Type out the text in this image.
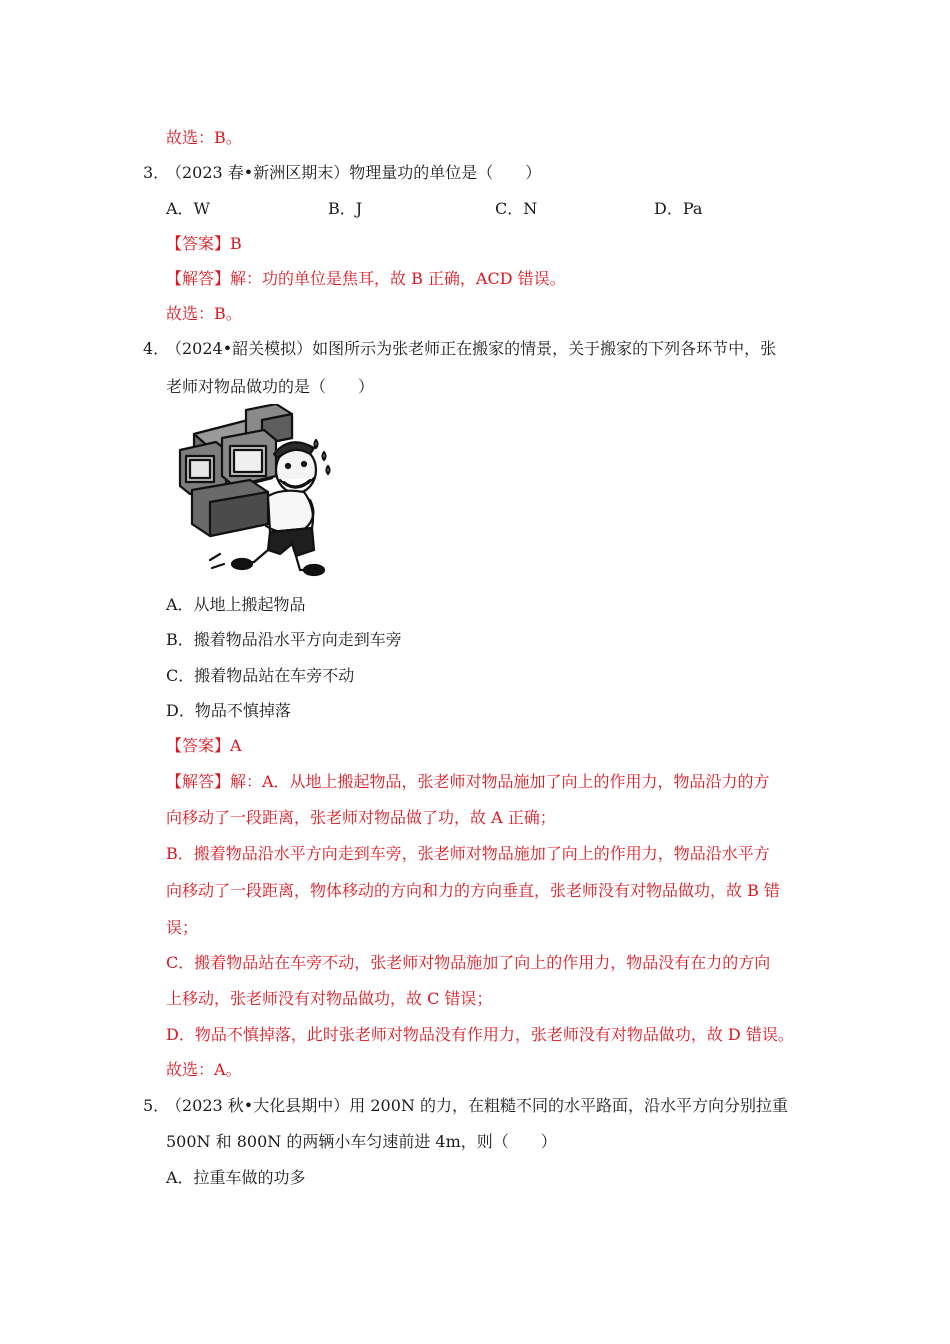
故选：B。
3．
（2023 春•新洲区期末）物理量功的单位是（　　）
A．W	B．J	C．N	D．Pa
【答案】B
【解答】解：功的单位是焦耳，故 B 正确，ACD 错误。
故选：B。
4．
（2024•韶关模拟）如图所示为张老师正在搬家的情景，关于搬家的下列各环节中，张
老师对物品做功的是（　　）
A．从地上搬起物品
B．搬着物品沿水平方向走到车旁
C．搬着物品站在车旁不动
D．物品不慎掉落
【答案】A
【解答】解：A．从地上搬起物品，张老师对物品施加了向上的作用力，物品沿力的方
向移动了一段距离，张老师对物品做了功，故 A 正确；
B．搬着物品沿水平方向走到车旁，张老师对物品施加了向上的作用力，物品沿水平方
向移动了一段距离，物体移动的方向和力的方向垂直，张老师没有对物品做功，故 B 错
误；
C．搬着物品站在车旁不动，张老师对物品施加了向上的作用力，物品没有在力的方向
上移动，张老师没有对物品做功，故 C 错误；
D．物品不慎掉落，此时张老师对物品没有作用力，张老师没有对物品做功，故 D 错误。
故选：A。
5．
（2023 秋•大化县期中）用 200N 的力，在粗糙不同的水平路面，沿水平方向分别拉重
500N 和 800N 的两辆小车匀速前进 4m，则（　　）
A．拉重车做的功多
